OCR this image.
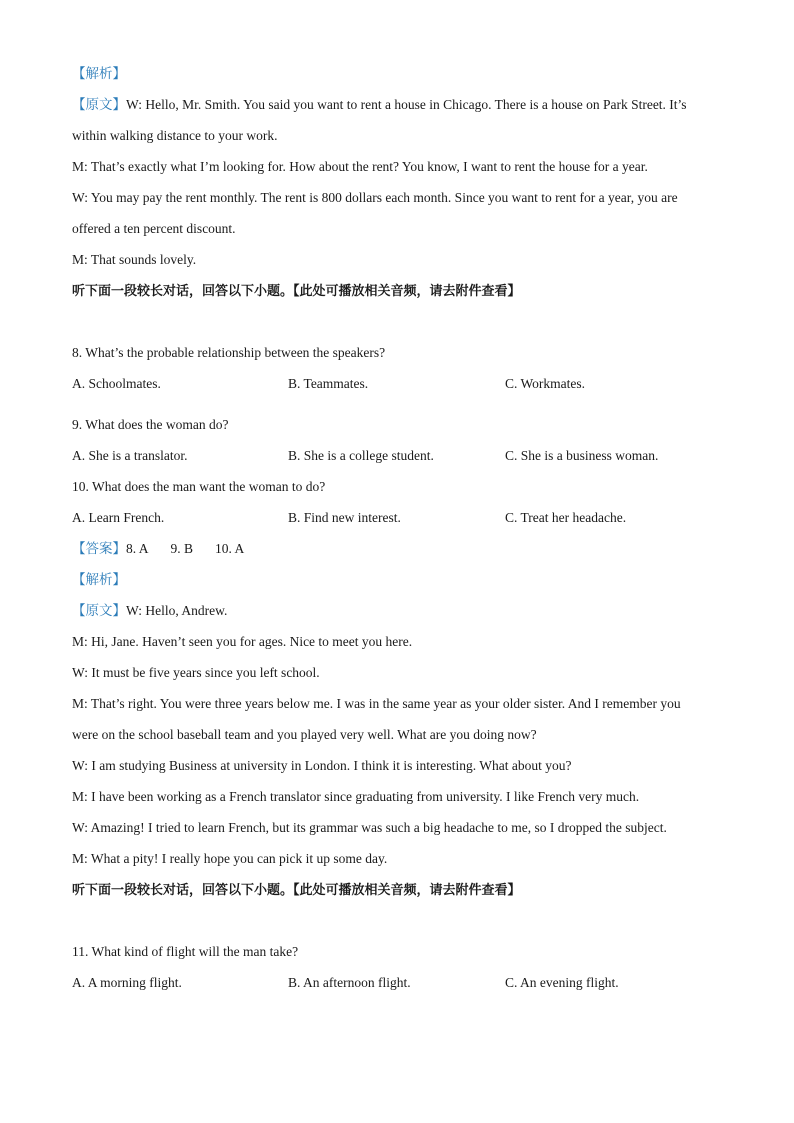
【解析】
【原文】W: Hello, Mr. Smith. You said you want to rent a house in Chicago. There is a house on Park Street. It’s
within walking distance to your work.
M: That’s exactly what I’m looking for. How about the rent? You know, I want to rent the house for a year.
W: You may pay the rent monthly. The rent is 800 dollars each month. Since you want to rent for a year, you are
offered a ten percent discount.
M: That sounds lovely.
听下面一段较长对话，回答以下小题。【此处可播放相关音频，请去附件查看】
8. What’s the probable relationship between the speakers?
A. Schoolmates.	B. Teammates.	C. Workmates.
9. What does the woman do?
A. She is a translator.	B. She is a college student.	C. She is a business woman.
10. What does the man want the woman to do?
A. Learn French.	B. Find new interest.	C. Treat her headache.
【答案】8. A 9. B 10. A
【解析】
【原文】W: Hello, Andrew.
M: Hi, Jane. Haven’t seen you for ages. Nice to meet you here.
W: It must be five years since you left school.
M: That’s right. You were three years below me. I was in the same year as your older sister. And I remember you
were on the school baseball team and you played very well. What are you doing now?
W: I am studying Business at university in London. I think it is interesting. What about you?
M: I have been working as a French translator since graduating from university. I like French very much.
W: Amazing! I tried to learn French, but its grammar was such a big headache to me, so I dropped the subject.
M: What a pity! I really hope you can pick it up some day.
听下面一段较长对话，回答以下小题。【此处可播放相关音频，请去附件查看】
11. What kind of flight will the man take?
A. A morning flight.	B. An afternoon flight.	C. An evening flight.
